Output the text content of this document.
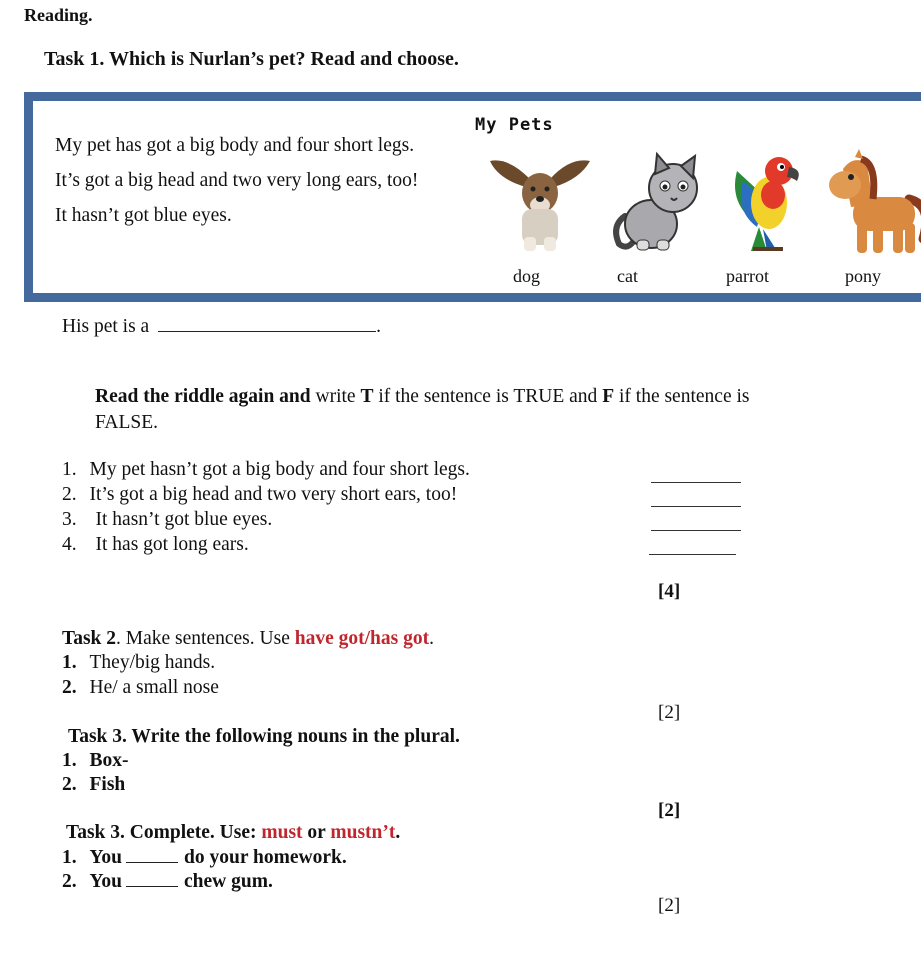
Reading.
Task 1. Which is Nurlan’s pet? Read and choose.
My pet has got a big body and four short legs.
It’s got a big head and two very long ears, too!
It hasn’t got blue eyes.
My Pets
dog	cat	parrot	pony
His pet is a	.
Read the riddle again and write T if the sentence is TRUE and F if the sentence is
FALSE.
1. My pet hasn’t got a big body and four short legs.
2. It’s got a big head and two very short ears, too!
3. It hasn’t got blue eyes.
4. It has got long ears.
[4]
Task 2. Make sentences. Use have got/has got.
1. They/big hands.
2. He/ a small nose
[2]
Task 3. Write the following nouns in the plural.
1. Box-
2. Fish
[2]
Task 3. Complete. Use: must or mustn’t.
1. You	do your homework.
2. You	chew gum.
[2]
